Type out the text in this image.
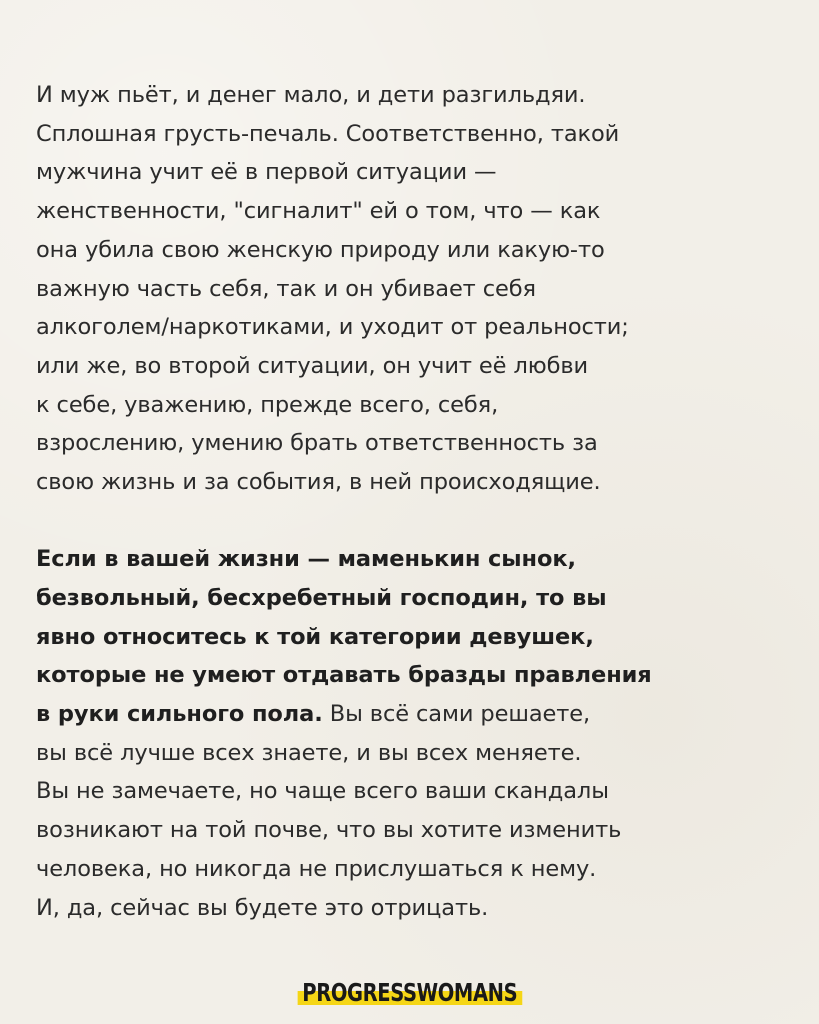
И муж пьёт, и денег мало, и дети разгильдяи.
Сплошная грусть-печаль. Соответственно, такой
мужчина учит её в первой ситуации —
женственности, "сигналит" ей о том, что — как
она убила свою женскую природу или какую-то
важную часть себя, так и он убивает себя
алкоголем/наркотиками, и уходит от реальности;
или же, во второй ситуации, он учит её любви
к себе, уважению, прежде всего, себя,
взрослению, умению брать ответственность за
свою жизнь и за события, в ней происходящие.
Если в вашей жизни — маменькин сынок,
безвольный, бесхребетный господин, то вы
явно относитесь к той категории девушек,
которые не умеют отдавать бразды правления
в руки сильного пола. Вы всё сами решаете,
вы всё лучше всех знаете, и вы всех меняете.
Вы не замечаете, но чаще всего ваши скандалы
возникают на той почве, что вы хотите изменить
человека, но никогда не прислушаться к нему.
И, да, сейчас вы будете это отрицать.
PROGRESSWOMANS
